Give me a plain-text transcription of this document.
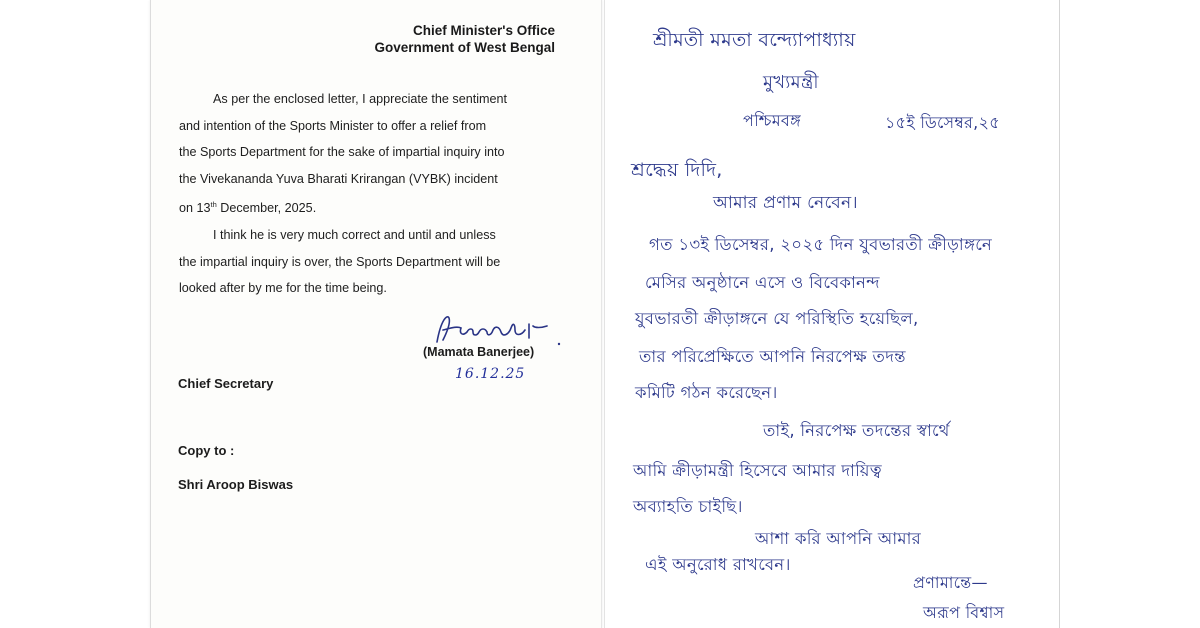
Chief Minister's Office
Government of West Bengal
As per the enclosed letter, I appreciate the sentiment
and intention of the Sports Minister to offer a relief from
the Sports Department for the sake of impartial inquiry into
the Vivekananda Yuva Bharati Krirangan (VYBK) incident
on 13th December, 2025.
I think he is very much correct and until and unless
the impartial inquiry is over, the Sports Department will be
looked after by me for the time being.
(Mamata Banerjee)
16.12.25
Chief Secretary
Copy to :
Shri Aroop Biswas
শ্রীমতী মমতা বন্দ্যোপাধ্যায়
মুখ্যমন্ত্রী
পশ্চিমবঙ্গ	১৫ই ডিসেম্বর,২৫
শ্রদ্ধেয় দিদি,
আমার প্রণাম নেবেন।
গত ১৩ই ডিসেম্বর, ২০২৫ দিন যুবভারতী ক্রীড়াঙ্গনে
মেসির অনুষ্ঠানে এসে ও বিবেকানন্দ
যুবভারতী ক্রীড়াঙ্গনে যে পরিস্থিতি হয়েছিল,
তার পরিপ্রেক্ষিতে আপনি নিরপেক্ষ তদন্ত
কমিটি গঠন করেছেন।
তাই, নিরপেক্ষ তদন্তের স্বার্থে
আমি ক্রীড়ামন্ত্রী হিসেবে আমার দায়িত্ব
অব্যাহতি চাইছি।
আশা করি আপনি আমার
এই অনুরোধ রাখবেন।
প্রণামান্তে—
অরূপ বিশ্বাস
